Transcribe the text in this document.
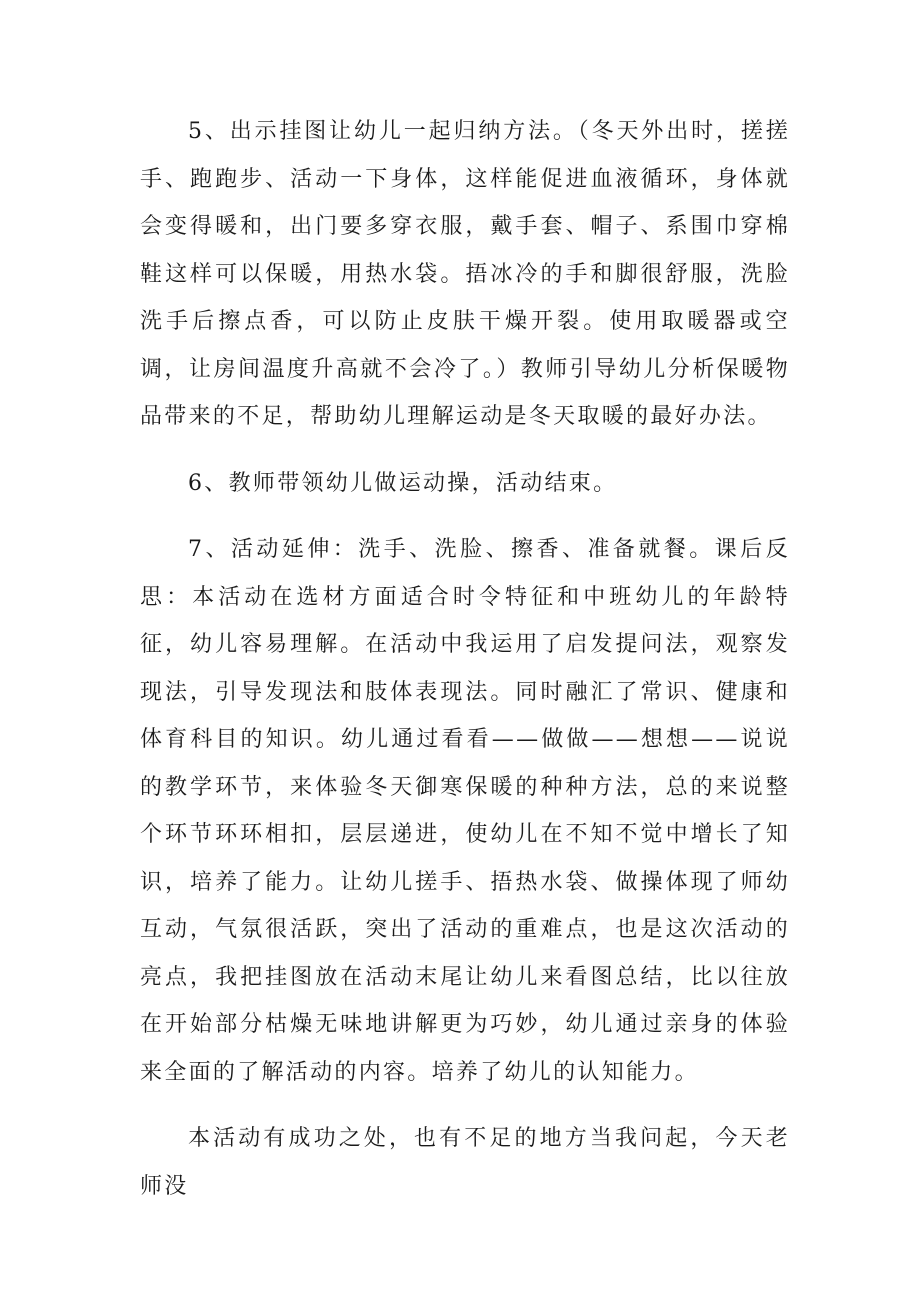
5、出示挂图让幼儿一起归纳方法。（冬天外出时，搓搓手、跑跑步、活动一下身体，这样能促进血液循环，身体就会变得暖和，出门要多穿衣服，戴手套、帽子、系围巾穿棉鞋这样可以保暖，用热水袋。捂冰冷的手和脚很舒服，洗脸洗手后擦点香，可以防止皮肤干燥开裂。使用取暖器或空调，让房间温度升高就不会冷了。）教师引导幼儿分析保暖物品带来的不足，帮助幼儿理解运动是冬天取暖的最好办法。

6、教师带领幼儿做运动操，活动结束。

7、活动延伸：洗手、洗脸、擦香、准备就餐。课后反思：本活动在选材方面适合时令特征和中班幼儿的年龄特征，幼儿容易理解。在活动中我运用了启发提问法，观察发现法，引导发现法和肢体表现法。同时融汇了常识、健康和体育科目的知识。幼儿通过看看——做做——想想——说说的教学环节，来体验冬天御寒保暖的种种方法，总的来说整个环节环环相扣，层层递进，使幼儿在不知不觉中增长了知识，培养了能力。让幼儿搓手、捂热水袋、做操体现了师幼互动，气氛很活跃，突出了活动的重难点，也是这次活动的亮点，我把挂图放在活动末尾让幼儿来看图总结，比以往放在开始部分枯燥无味地讲解更为巧妙，幼儿通过亲身的体验来全面的了解活动的内容。培养了幼儿的认知能力。

本活动有成功之处，也有不足的地方当我问起，今天老师没
